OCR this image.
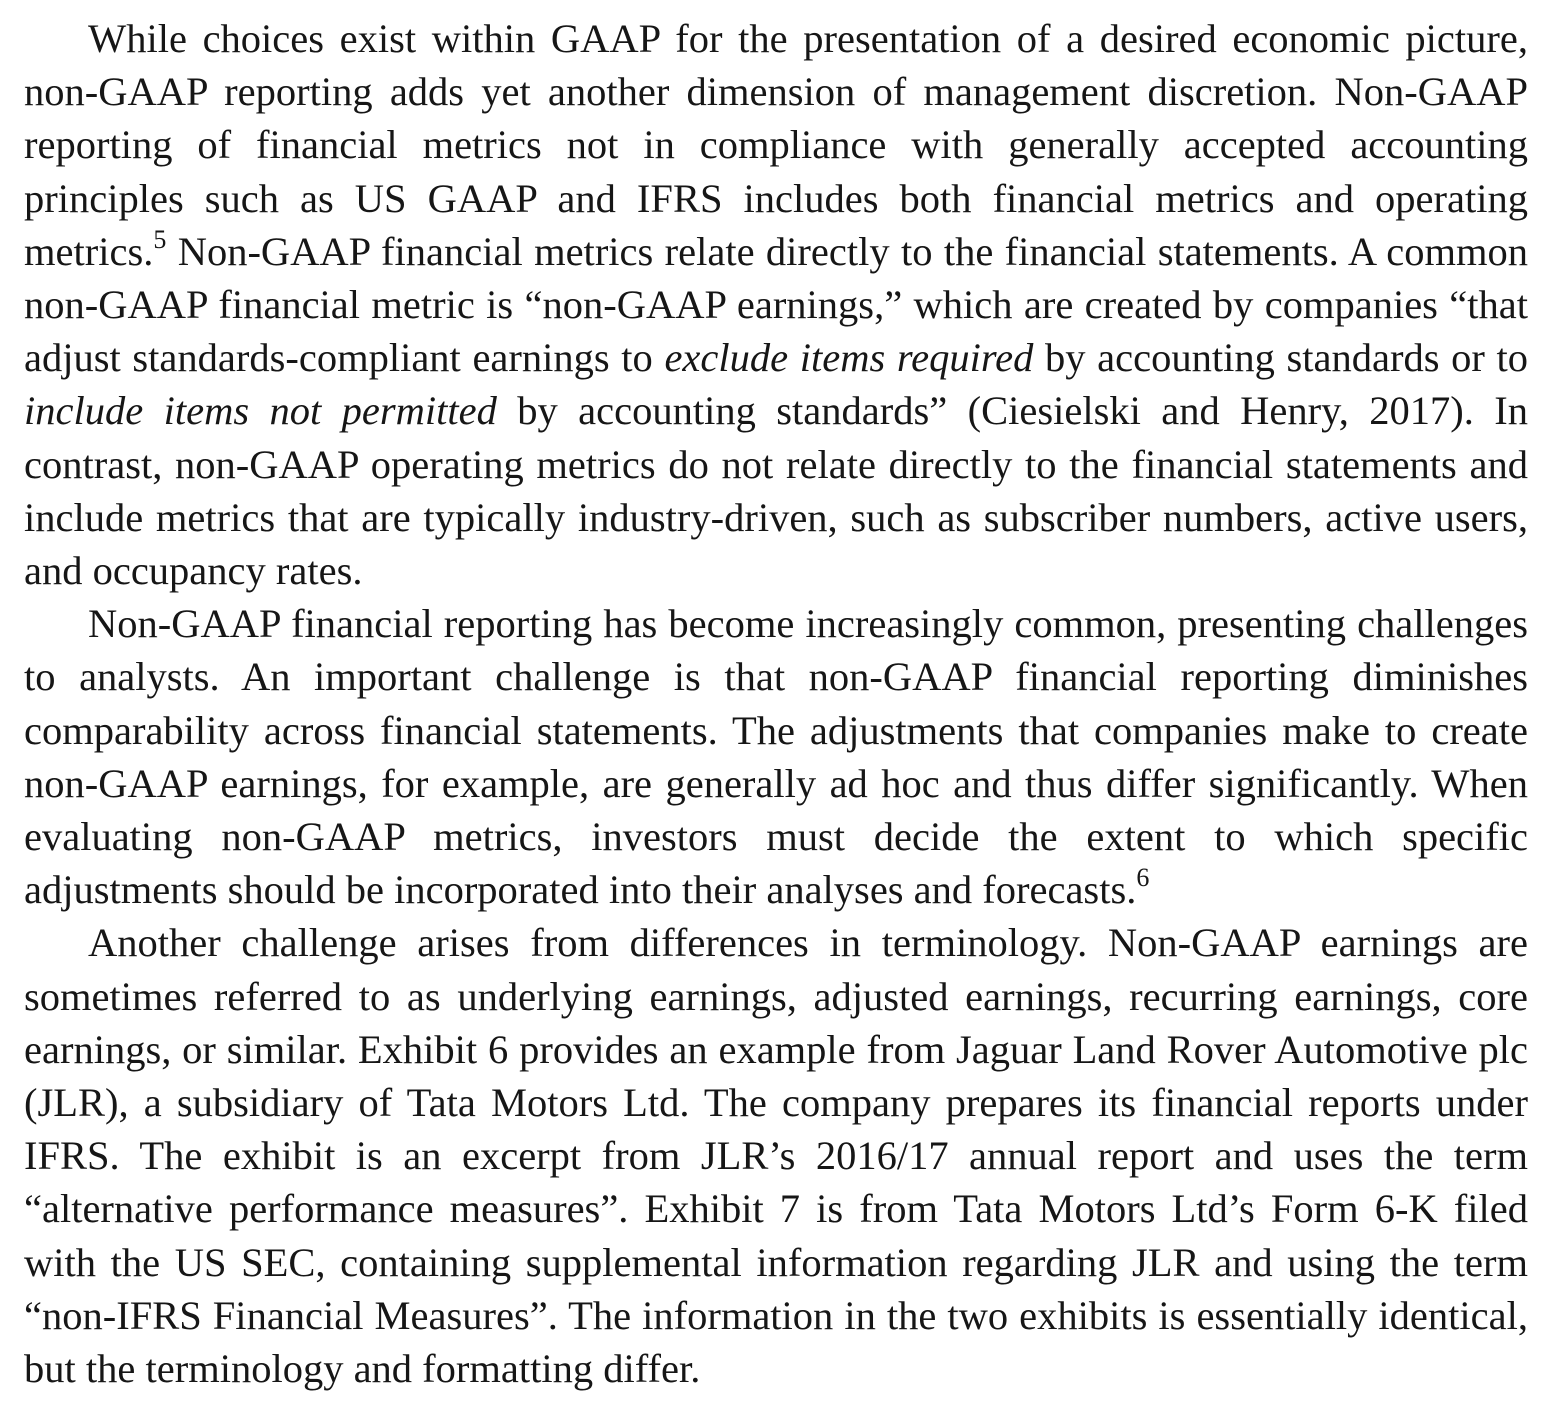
While choices exist within GAAP for the presentation of a desired economic picture, non-GAAP reporting adds yet another dimension of management discretion. Non-GAAP reporting of financial metrics not in compliance with generally accepted accounting principles such as US GAAP and IFRS includes both financial metrics and operating metrics.$^5$ Non-GAAP financial metrics relate directly to the financial statements. A common non-GAAP financial metric is “non-GAAP earnings,” which are created by companies “that adjust standards-compliant earnings to exclude items required by accounting standards or to include items not permitted by accounting standards” (Ciesielski and Henry, 2017). In contrast, non-GAAP operating metrics do not relate directly to the financial statements and include metrics that are typically industry-driven, such as subscriber numbers, active users, and occupancy rates.

Non-GAAP financial reporting has become increasingly common, presenting challenges to analysts. An important challenge is that non-GAAP financial reporting diminishes comparability across financial statements. The adjustments that companies make to create non-GAAP earnings, for example, are generally ad hoc and thus differ significantly. When evaluating non-GAAP metrics, investors must decide the extent to which specific adjustments should be incorporated into their analyses and forecasts.$^6$

Another challenge arises from differences in terminology. Non-GAAP earnings are sometimes referred to as underlying earnings, adjusted earnings, recurring earnings, core earnings, or similar. Exhibit 6 provides an example from Jaguar Land Rover Automotive plc (JLR), a subsidiary of Tata Motors Ltd. The company prepares its financial reports under IFRS. The exhibit is an excerpt from JLR’s 2016/17 annual report and uses the term “alternative performance measures”. Exhibit 7 is from Tata Motors Ltd’s Form 6-K filed with the US SEC, containing supplemental information regarding JLR and using the term “non-IFRS Financial Measures”. The information in the two exhibits is essentially identical, but the terminology and formatting differ.
